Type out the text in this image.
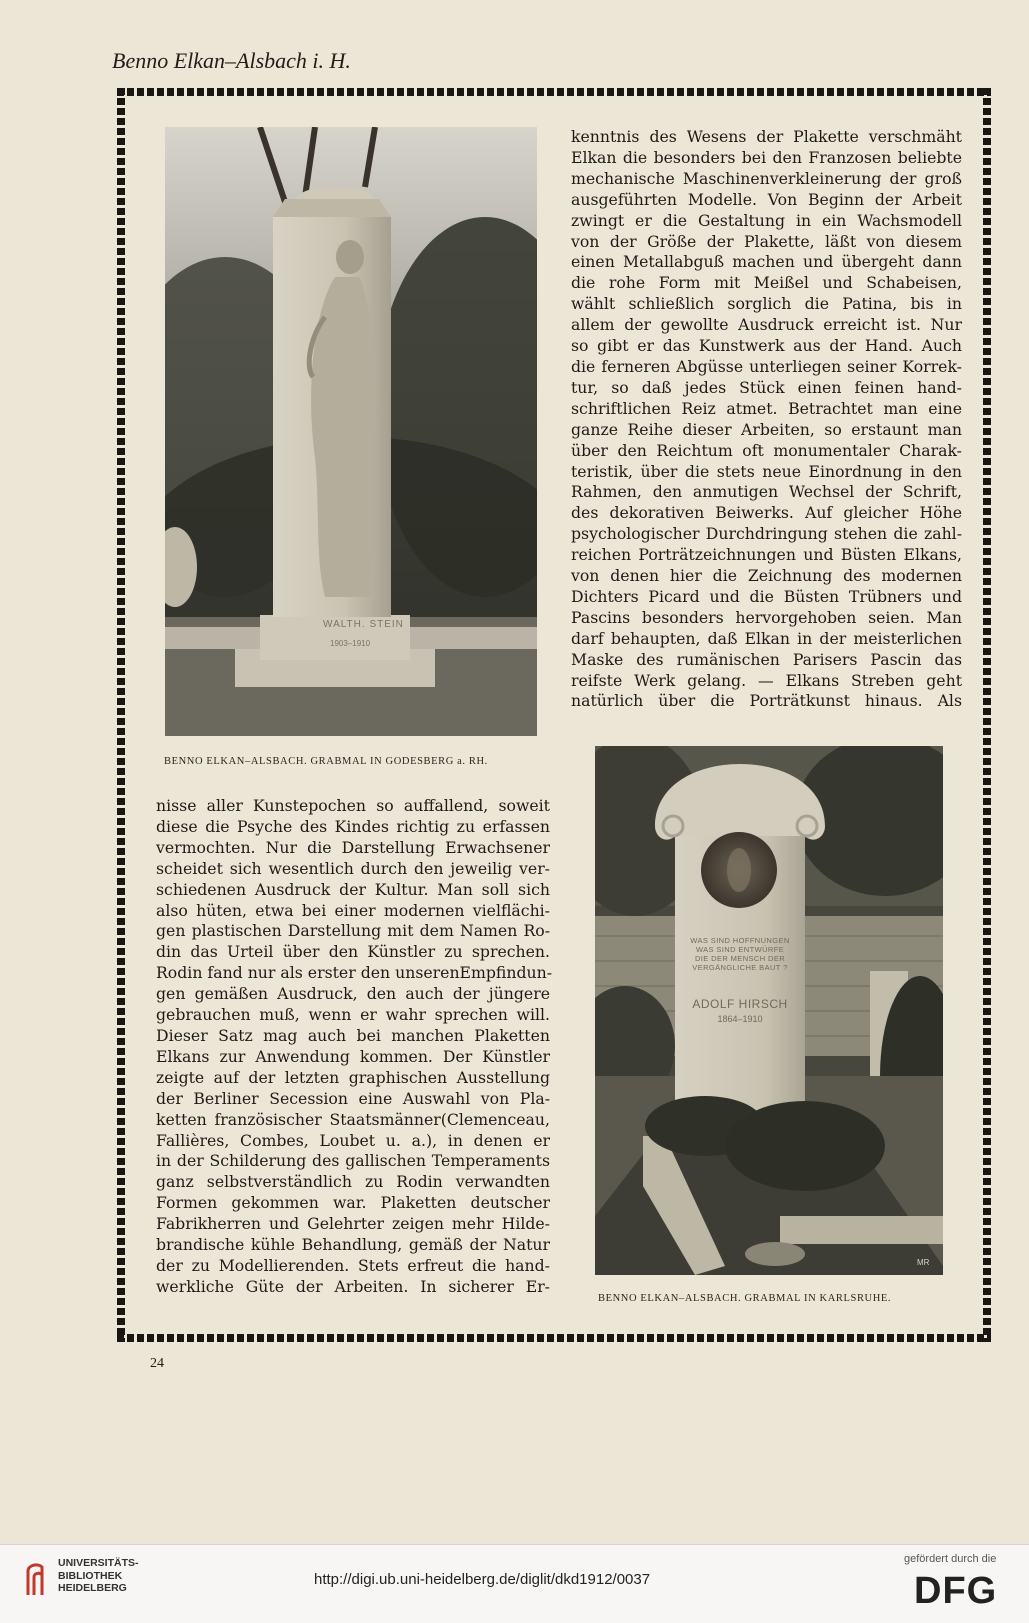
Benno Elkan–Alsbach i. H.
WALTH. STEIN
1903–1910
BENNO ELKAN–ALSBACH. GRABMAL IN GODESBERG a. RH.
WAS SIND HOFFNUNGEN
WAS SIND ENTWÜRFE
DIE DER MENSCH DER
VERGÄNGLICHE BAUT ?
ADOLF HIRSCH
1864–1910
MR
BENNO ELKAN–ALSBACH. GRABMAL IN KARLSRUHE.

kenntnis des Wesens der Plakette verschmäht

Elkan die besonders bei den Franzosen beliebte

mechanische Maschinenverkleinerung der groß

ausgeführten Modelle. Von Beginn der Arbeit

zwingt er die Gestaltung in ein Wachsmodell

von der Größe der Plakette, läßt von diesem

einen Metallabguß machen und übergeht dann

die rohe Form mit Meißel und Schabeisen,

wählt schließlich sorglich die Patina, bis in

allem der gewollte Ausdruck erreicht ist. Nur

so gibt er das Kunstwerk aus der Hand. Auch

die ferneren Abgüsse unterliegen seiner Korrek-

tur, so daß jedes Stück einen feinen hand-

schriftlichen Reiz atmet. Betrachtet man eine

ganze Reihe dieser Arbeiten, so erstaunt man

über den Reichtum oft monumentaler Charak-

teristik, über die stets neue Einordnung in den

Rahmen, den anmutigen Wechsel der Schrift,

des dekorativen Beiwerks. Auf gleicher Höhe

psychologischer Durchdringung stehen die zahl-

reichen Porträtzeichnungen und Büsten Elkans,

von denen hier die Zeichnung des modernen

Dichters Picard und die Büsten Trübners und

Pascins besonders hervorgehoben seien. Man

darf behaupten, daß Elkan in der meisterlichen

Maske des rumänischen Parisers Pascin das

reifste Werk gelang. — Elkans Streben geht

natürlich über die Porträtkunst hinaus. Als

nisse aller Kunstepochen so auffallend, soweit

diese die Psyche des Kindes richtig zu erfassen

vermochten. Nur die Darstellung Erwachsener

scheidet sich wesentlich durch den jeweilig ver-

schiedenen Ausdruck der Kultur. Man soll sich

also hüten, etwa bei einer modernen vielflächi-

gen plastischen Darstellung mit dem Namen Ro-

din das Urteil über den Künstler zu sprechen.

Rodin fand nur als erster den unserenEmpfindun-

gen gemäßen Ausdruck, den auch der jüngere

gebrauchen muß, wenn er wahr sprechen will.

Dieser Satz mag auch bei manchen Plaketten

Elkans zur Anwendung kommen. Der Künstler

zeigte auf der letzten graphischen Ausstellung

der Berliner Secession eine Auswahl von Pla-

ketten französischer Staatsmänner(Clemenceau,

Fallières, Combes, Loubet u. a.), in denen er

in der Schilderung des gallischen Temperaments

ganz selbstverständlich zu Rodin verwandten

Formen gekommen war. Plaketten deutscher

Fabrikherren und Gelehrter zeigen mehr Hilde-

brandische kühle Behandlung, gemäß der Natur

der zu Modellierenden. Stets erfreut die hand-

werkliche Güte der Arbeiten. In sicherer Er-

24
UNIVERSITÄTS-
BIBLIOTHEK
HEIDELBERG	http://digi.ub.uni-heidelberg.de/diglit/dkd1912/0037
gefördert durch die
DFG
